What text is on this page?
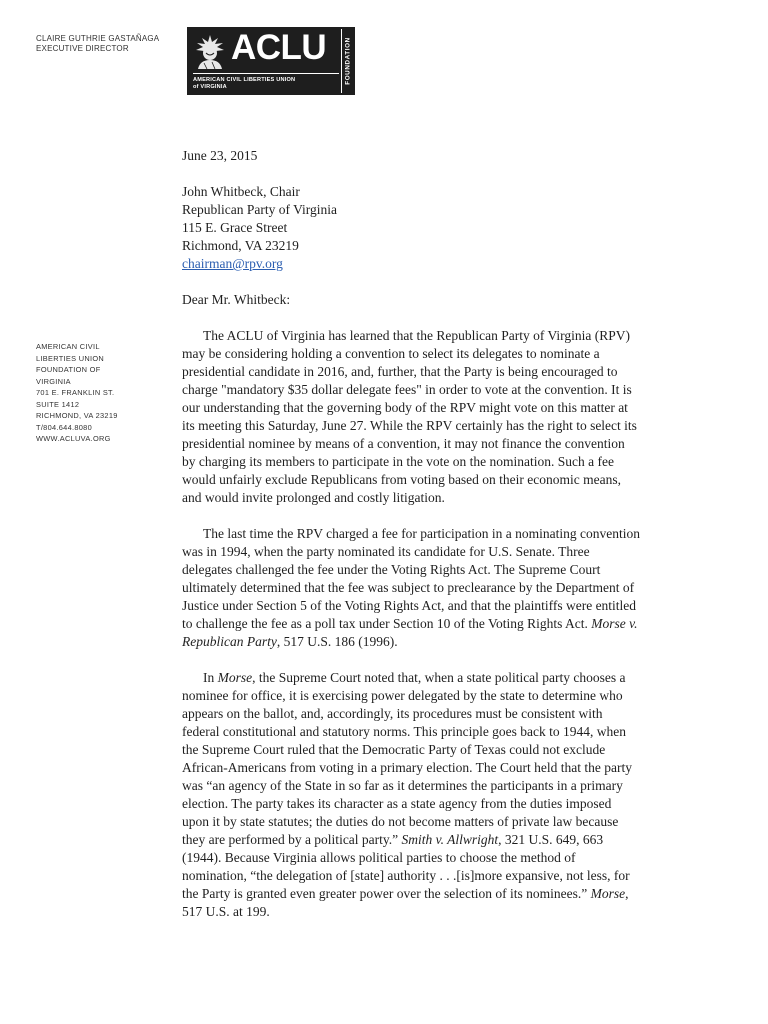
CLAIRE GUTHRIE GASTAÑAGA
EXECUTIVE DIRECTOR	ACLU
AMERICAN CIVIL LIBERTIES UNION
of VIRGINIA
FOUNDATION
AMERICAN CIVIL
LIBERTIES UNION
FOUNDATION OF
VIRGINIA
701 E. FRANKLIN ST.
SUITE 1412
RICHMOND, VA 23219
T/804.644.8080
WWW.ACLUVA.ORG
June 23, 2015
John Whitbeck, Chair
Republican Party of Virginia
115 E. Grace Street
Richmond, VA 23219
chairman@rpv.org
Dear Mr. Whitbeck:
The ACLU of Virginia has learned that the Republican Party of Virginia (RPV)
may be considering holding a convention to select its delegates to nominate a
presidential candidate in 2016, and, further, that the Party is being encouraged to
charge "mandatory $35 dollar delegate fees" in order to vote at the convention. It is
our understanding that the governing body of the RPV might vote on this matter at
its meeting this Saturday, June 27. While the RPV certainly has the right to select its
presidential nominee by means of a convention, it may not finance the convention
by charging its members to participate in the vote on the nomination. Such a fee
would unfairly exclude Republicans from voting based on their economic means,
and would invite prolonged and costly litigation.
The last time the RPV charged a fee for participation in a nominating convention
was in 1994, when the party nominated its candidate for U.S. Senate. Three
delegates challenged the fee under the Voting Rights Act. The Supreme Court
ultimately determined that the fee was subject to preclearance by the Department of
Justice under Section 5 of the Voting Rights Act, and that the plaintiffs were entitled
to challenge the fee as a poll tax under Section 10 of the Voting Rights Act. Morse v.
Republican Party, 517 U.S. 186 (1996).
In Morse, the Supreme Court noted that, when a state political party chooses a
nominee for office, it is exercising power delegated by the state to determine who
appears on the ballot, and, accordingly, its procedures must be consistent with
federal constitutional and statutory norms. This principle goes back to 1944, when
the Supreme Court ruled that the Democratic Party of Texas could not exclude
African-Americans from voting in a primary election. The Court held that the party
was “an agency of the State in so far as it determines the participants in a primary
election. The party takes its character as a state agency from the duties imposed
upon it by state statutes; the duties do not become matters of private law because
they are performed by a political party.” Smith v. Allwright, 321 U.S. 649, 663
(1944). Because Virginia allows political parties to choose the method of
nomination, “the delegation of [state] authority . . .[is]more expansive, not less, for
the Party is granted even greater power over the selection of its nominees.” Morse,
517 U.S. at 199.
